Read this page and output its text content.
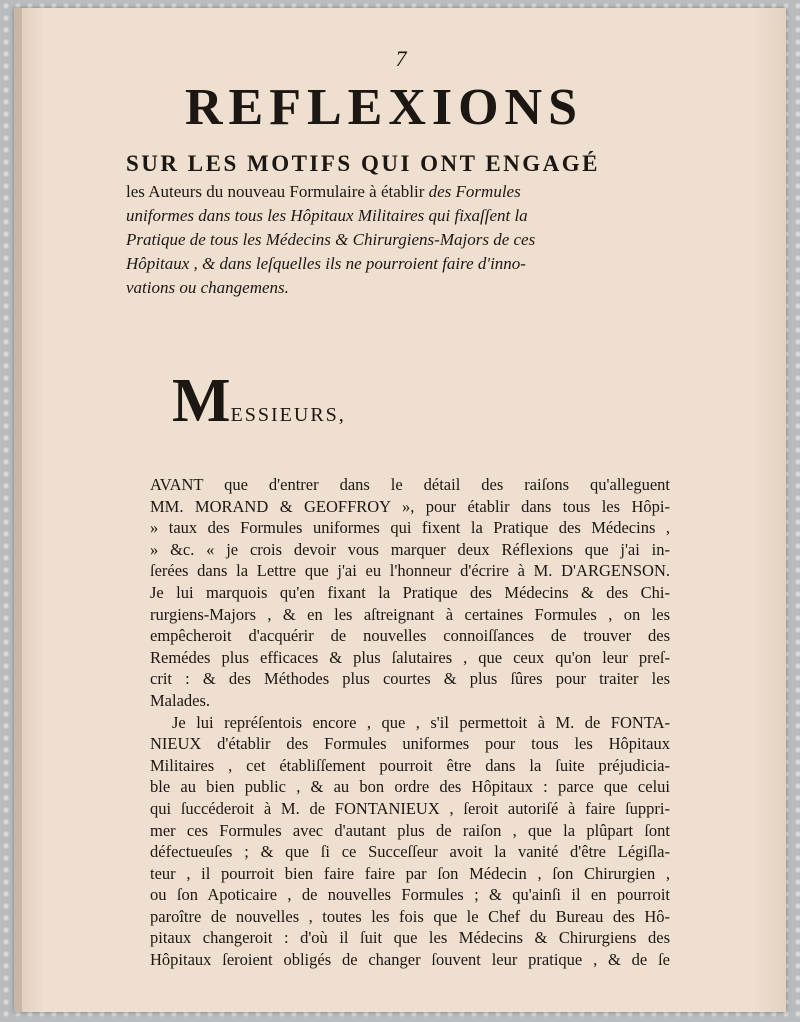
7
REFLEXIONS
SUR LES MOTIFS QUI ONT ENGAGÉ
les Auteurs du nouveau Formulaire à établir des Formules
uniformes dans tous les Hôpitaux Militaires qui fixaſſent la
Pratique de tous les Médecins & Chirurgiens-Majors de ces
Hôpitaux , & dans leſquelles ils ne pourroient faire d'inno-
vations ou changemens.
MESSIEURS,
AVANT que d'entrer dans le détail des raiſons qu'alleguent
MM. MORAND & GEOFFROY », pour établir dans tous les Hôpi-
» taux des Formules uniformes qui fixent la Pratique des Médecins ,
» &c. « je crois devoir vous marquer deux Réflexions que j'ai in-
ſerées dans la Lettre que j'ai eu l'honneur d'écrire à M. D'ARGENSON.
Je lui marquois qu'en fixant la Pratique des Médecins & des Chi-
rurgiens-Majors , & en les aſtreignant à certaines Formules , on les
empêcheroit d'acquérir de nouvelles connoiſſances de trouver des
Remédes plus efficaces & plus ſalutaires , que ceux qu'on leur preſ-
crit : & des Méthodes plus courtes & plus ſûres pour traiter les
Malades.
Je lui repréſentois encore , que , s'il permettoit à M. de FONTA-
NIEUX d'établir des Formules uniformes pour tous les Hôpitaux
Militaires , cet établiſſement pourroit être dans la ſuite préjudicia-
ble au bien public , & au bon ordre des Hôpitaux : parce que celui
qui ſuccéderoit à M. de FONTANIEUX , ſeroit autoriſé à faire ſuppri-
mer ces Formules avec d'autant plus de raiſon , que la plûpart ſont
défectueuſes ; & que ſi ce Succeſſeur avoit la vanité d'être Légiſla-
teur , il pourroit bien faire faire par ſon Médecin , ſon Chirurgien ,
ou ſon Apoticaire , de nouvelles Formules ; & qu'ainſi il en pourroit
paroître de nouvelles , toutes les fois que le Chef du Bureau des Hô-
pitaux changeroit : d'où il ſuit que les Médecins & Chirurgiens des
Hôpitaux ſeroient obligés de changer ſouvent leur pratique , & de ſe
